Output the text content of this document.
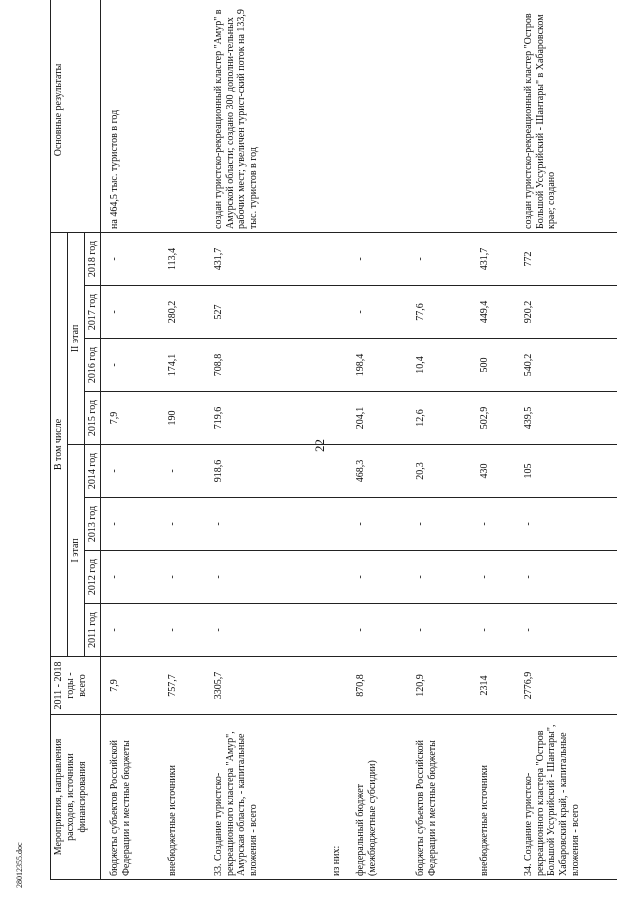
22
28012355.doc
Мероприятия, направления расходов, источники финансирования	2011 - 2018 годы - всего	В том числе								Основные результаты
		I этап				II этап				
		2011 год	2012 год	2013 год	2014 год	2015 год	2016 год	2017 год	2018 год	
бюджеты субъектов Российской Федерации и местные бюджеты	7,9	-	-	-	-	7,9	-	-	-	на 464,5 тыс. туристов в год
внебюджетные источники	757,7	-	-	-	-	190	174,1	280,2	113,4	
33. Создание туристско-рекреационного кластера "Амур", Амурская область, - капитальные вложения - всего	3305,7	-	-	-	918,6	719,6	708,8	527	431,7	создан туристско-рекреационный кластер "Амур" в Амурской области; создано 300 дополни-тельных рабочих мест; увеличен турист-ский поток на 133,9 тыс. туристов в год
из них:										
федеральный бюджет (межбюджетные субсидии)	870,8	-	-	-	468,3	204,1	198,4	-	-	
бюджеты субъектов Российской Федерации и местные бюджеты	120,9	-	-	-	20,3	12,6	10,4	77,6	-	
внебюджетные источники	2314	-	-	-	430	502,9	500	449,4	431,7	
34. Создание туристско-рекреационного кластера "Остров Большой Уссурийский - Шантары", Хабаровский край, - капитальные вложения - всего	2776,9	-	-	-	105	439,5	540,2	920,2	772	создан туристско-рекреационный кластер "Остров Большой Уссурийский - Шантары" в Хабаровском крае; создано
